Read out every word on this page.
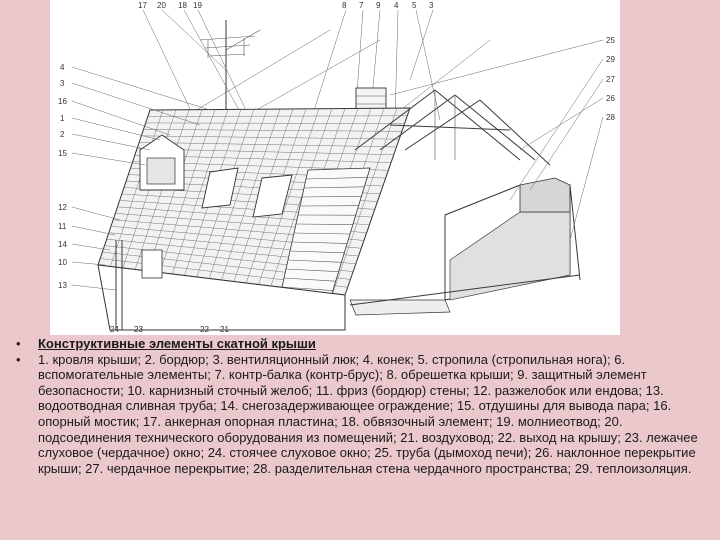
17 20 18 19	8 7 9 4 5 3
4
3
16
1
2
15
12
11
14
10
13
25
29
27
26
28
24 23	22 21
•	Конструктивные элементы скатной крыши
•	1. кровля крыши; 2. бордюр; 3. вентиляционный люк; 4. конек; 5. стропила (стропильная нога); 6. вспомогательные элементы; 7. контр-балка (контр-брус); 8. обрешетка крыши; 9. защитный элемент безопасности; 10. карнизный сточный желоб; 11. фриз (бордюр) стены; 12. разжелобок или ендова; 13. водоотводная сливная труба; 14. снегозадерживающее ограждение; 15. отдушины для вывода пара; 16. опорный мостик; 17. анкерная опорная пластина; 18. обвязочный элемент; 19. молниеотвод; 20. подсоединения технического оборудования из помещений; 21. воздуховод; 22. выход на крышу; 23. лежачее слуховое (чердачное) окно; 24. стоячее слуховое окно; 25. труба (дымоход печи); 26. наклонное перекрытие крыши; 27. чердачное перекрытие; 28. разделительная стена чердачного пространства; 29. теплоизоляция.
